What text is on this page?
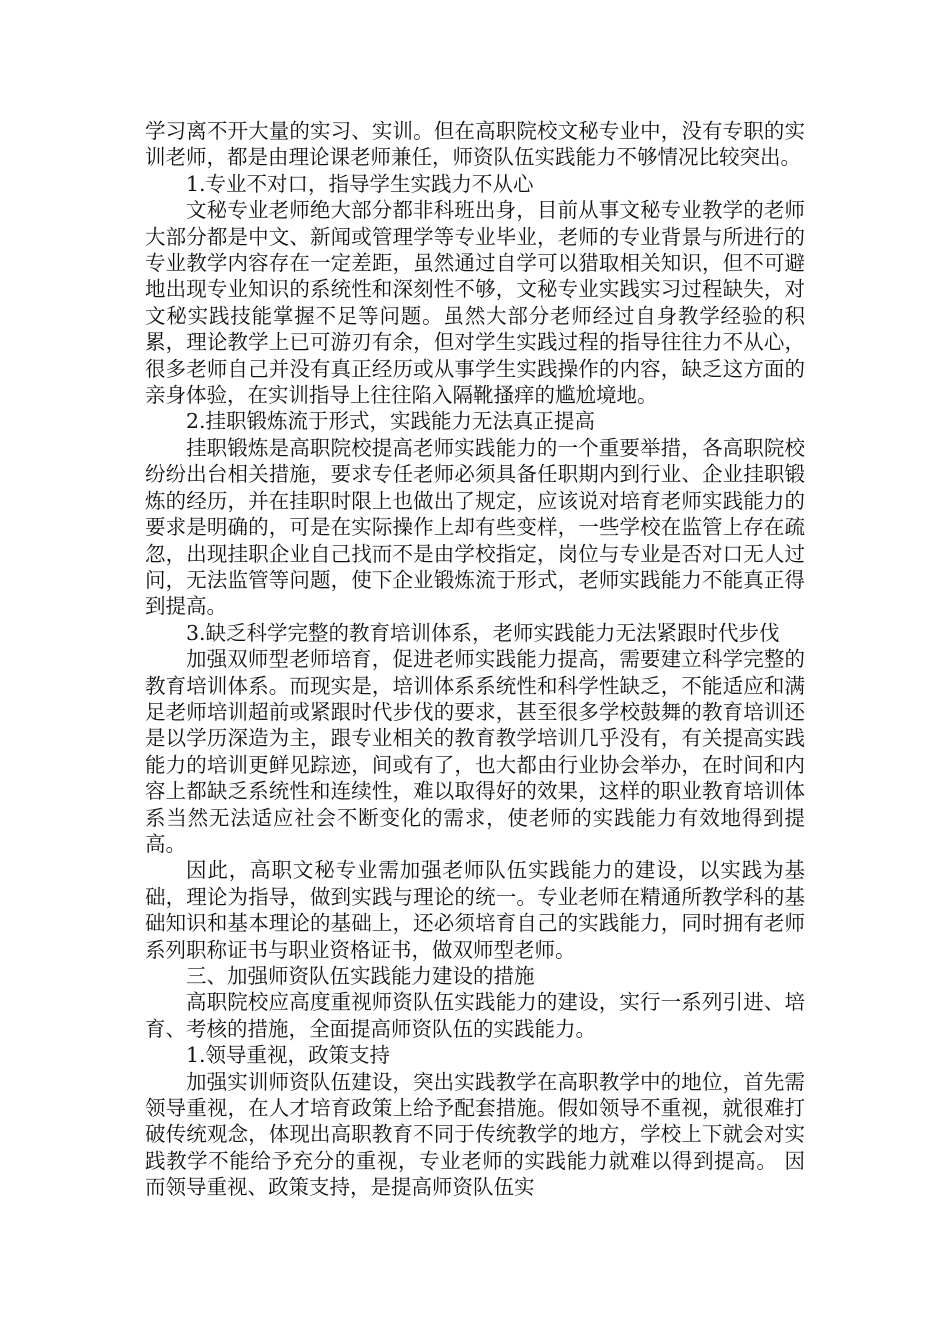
学习离不开大量的实习、实训。但在高职院校文秘专业中，没有专职的实训老师，都是由理论课老师兼任，师资队伍实践能力不够情况比较突出。

1.专业不对口，指导学生实践力不从心

文秘专业老师绝大部分都非科班出身，目前从事文秘专业教学的老师大部分都是中文、新闻或管理学等专业毕业，老师的专业背景与所进行的专业教学内容存在一定差距，虽然通过自学可以猎取相关知识，但不可避地出现专业知识的系统性和深刻性不够，文秘专业实践实习过程缺失，对文秘实践技能掌握不足等问题。虽然大部分老师经过自身教学经验的积累，理论教学上已可游刃有余，但对学生实践过程的指导往往力不从心，很多老师自己并没有真正经历或从事学生实践操作的内容，缺乏这方面的亲身体验，在实训指导上往往陷入隔靴搔痒的尴尬境地。

2.挂职锻炼流于形式，实践能力无法真正提高

挂职锻炼是高职院校提高老师实践能力的一个重要举措，各高职院校纷纷出台相关措施，要求专任老师必须具备任职期内到行业、企业挂职锻炼的经历，并在挂职时限上也做出了规定，应该说对培育老师实践能力的要求是明确的，可是在实际操作上却有些变样，一些学校在监管上存在疏忽，出现挂职企业自己找而不是由学校指定，岗位与专业是否对口无人过问，无法监管等问题，使下企业锻炼流于形式，老师实践能力不能真正得到提高。

3.缺乏科学完整的教育培训体系，老师实践能力无法紧跟时代步伐

加强双师型老师培育，促进老师实践能力提高，需要建立科学完整的教育培训体系。而现实是，培训体系系统性和科学性缺乏，不能适应和满足老师培训超前或紧跟时代步伐的要求，甚至很多学校鼓舞的教育培训还是以学历深造为主，跟专业相关的教育教学培训几乎没有，有关提高实践能力的培训更鲜见踪迹，间或有了，也大都由行业协会举办，在时间和内容上都缺乏系统性和连续性，难以取得好的效果，这样的职业教育培训体系当然无法适应社会不断变化的需求，使老师的实践能力有效地得到提高。

因此，高职文秘专业需加强老师队伍实践能力的建设，以实践为基础，理论为指导，做到实践与理论的统一。专业老师在精通所教学科的基础知识和基本理论的基础上，还必须培育自己的实践能力，同时拥有老师系列职称证书与职业资格证书，做双师型老师。

三、加强师资队伍实践能力建设的措施

高职院校应高度重视师资队伍实践能力的建设，实行一系列引进、培育、考核的措施，全面提高师资队伍的实践能力。

1.领导重视，政策支持

加强实训师资队伍建设，突出实践教学在高职教学中的地位，首先需领导重视，在人才培育政策上给予配套措施。假如领导不重视，就很难打破传统观念，体现出高职教育不同于传统教学的地方，学校上下就会对实践教学不能给予充分的重视，专业老师的实践能力就难以得到提高。 因而领导重视、政策支持，是提高师资队伍实
